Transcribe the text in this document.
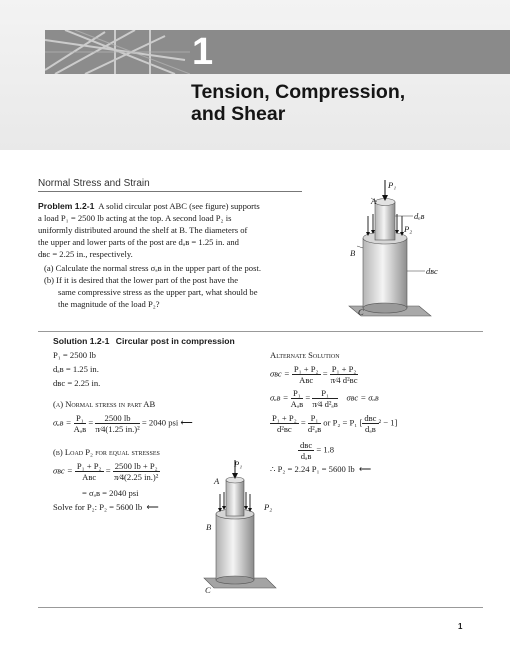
1
Tension, Compression,
and Shear
Normal Stress and Strain
Problem 1.2-1 A solid circular post ABC (see figure) supports
a load P₁ = 2500 lb acting at the top. A second load P₂ is
uniformly distributed around the shelf at B. The diameters of
the upper and lower parts of the post are dₐʙ = 1.25 in. and
dʙc = 2.25 in., respectively.
(a) Calculate the normal stress σₐʙ in the upper part of the post.
(b) If it is desired that the lower part of the post have the
same compressive stress as the upper part, what should be
the magnitude of the load P₂?
P₁
A
dₐʙ
P₂
B
dʙc
C
Solution 1.2-1 Circular post in compression
P₁ = 2500 lb
dₐʙ = 1.25 in.
dʙc = 2.25 in.
(a) Normal stress in part AB
σₐʙ = $\frac{\text{P₁}}{\text{Aₐʙ}} = \frac{2500 lb}{\text{π⁄4(1.25 in.)²}} = 2040$ psi ⟵
(b) Load P₂ for equal stresses
σʙc = $\frac{\text{P₁ + P₂}}{\text{Aʙc}} = \frac{\text{2500 lb + P₂}}{\text{π⁄4(2.25 in.)²}}$
= σₐʙ = 2040 psi
Solve for P₂: P₂ = 5600 lb  ⟵
P₁
A
P₂
B
C
Alternate Solution
σʙc = $\frac{\text{P₁ + P₂}}{\text{Aʙc}} = \frac{\text{P₁ + P₂}}{\text{π⁄4 d²ʙc}}$
σₐʙ = $\frac{\text{P₁}}{\text{Aₐʙ}} = \frac{\text{P₁}}{\text{π⁄4 d²ₐʙ}}$ σʙc = σₐʙ
$\frac{\text{P₁ + P₂}}{\text{d²ʙc}} = \frac{\text{P₁}}{\text{d²ₐʙ}}$ or P₂ = P₁ [ $\frac{\text{dʙc}}{\text{dₐʙ}} ^2 - 1$]
$\frac{\text{dʙc}}{\text{dₐʙ}} = 1.8$
∴ P₂ = 2.24 P₁ = 5600 lb  ⟵
1
